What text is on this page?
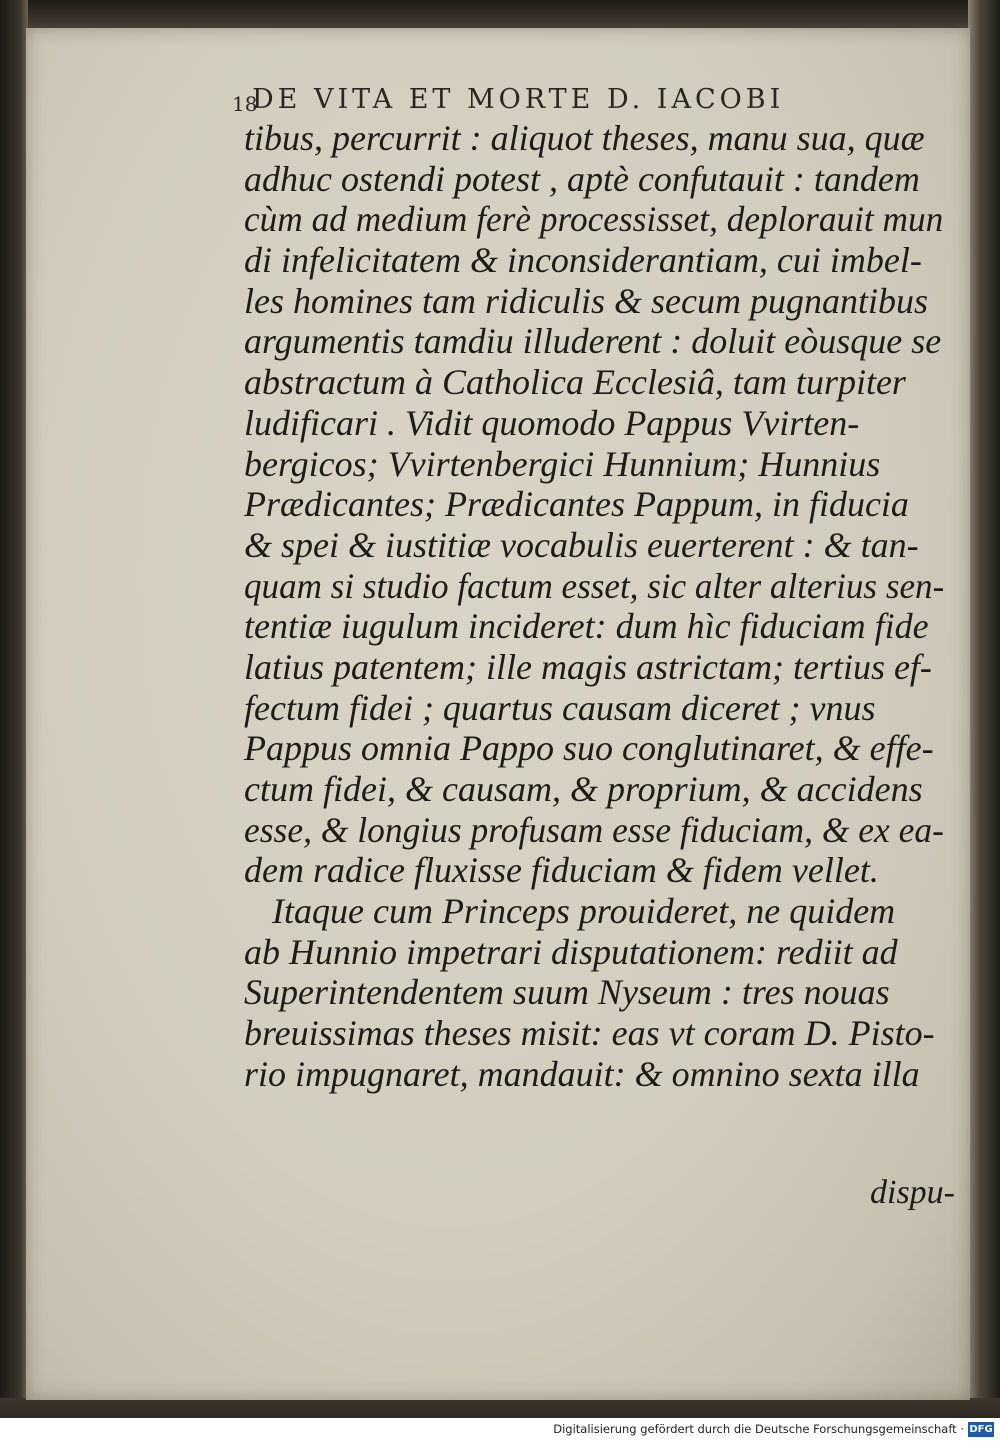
18
DE VITA ET MORTE D. IACOBI
tibus, percurrit : aliquot theses, manu sua, quæ
adhuc ostendi potest , aptè confutauit : tandem
cùm ad medium ferè processisset, deplorauit mun
di infelicitatem & inconsiderantiam, cui imbel-
les homines tam ridiculis & secum pugnantibus
argumentis tamdiu illuderent : doluit eòusque se
abstractum à Catholica Ecclesiâ, tam turpiter
ludificari . Vidit quomodo Pappus Vvirten-
bergicos; Vvirtenbergici Hunnium; Hunnius
Prædicantes; Prædicantes Pappum, in fiducia
& spei & iustitiæ vocabulis euerterent : & tan-
quam si studio factum esset, sic alter alterius sen-
tentiæ iugulum incideret: dum hìc fiduciam fide
latius patentem; ille magis astrictam; tertius ef-
fectum fidei ; quartus causam diceret ; vnus
Pappus omnia Pappo suo conglutinaret, & effe-
ctum fidei, & causam, & proprium, & accidens
esse, & longius profusam esse fiduciam, & ex ea-
dem radice fluxisse fiduciam & fidem vellet.
Itaque cum Princeps prouideret, ne quidem
ab Hunnio impetrari disputationem: rediit ad
Superintendentem suum Nyseum : tres nouas
breuissimas theses misit: eas vt coram D. Pisto-
rio impugnaret, mandauit: & omnino sexta illa
dispu-
Digitalisierung gefördert durch die Deutsche Forschungsgemeinschaft · DFG
